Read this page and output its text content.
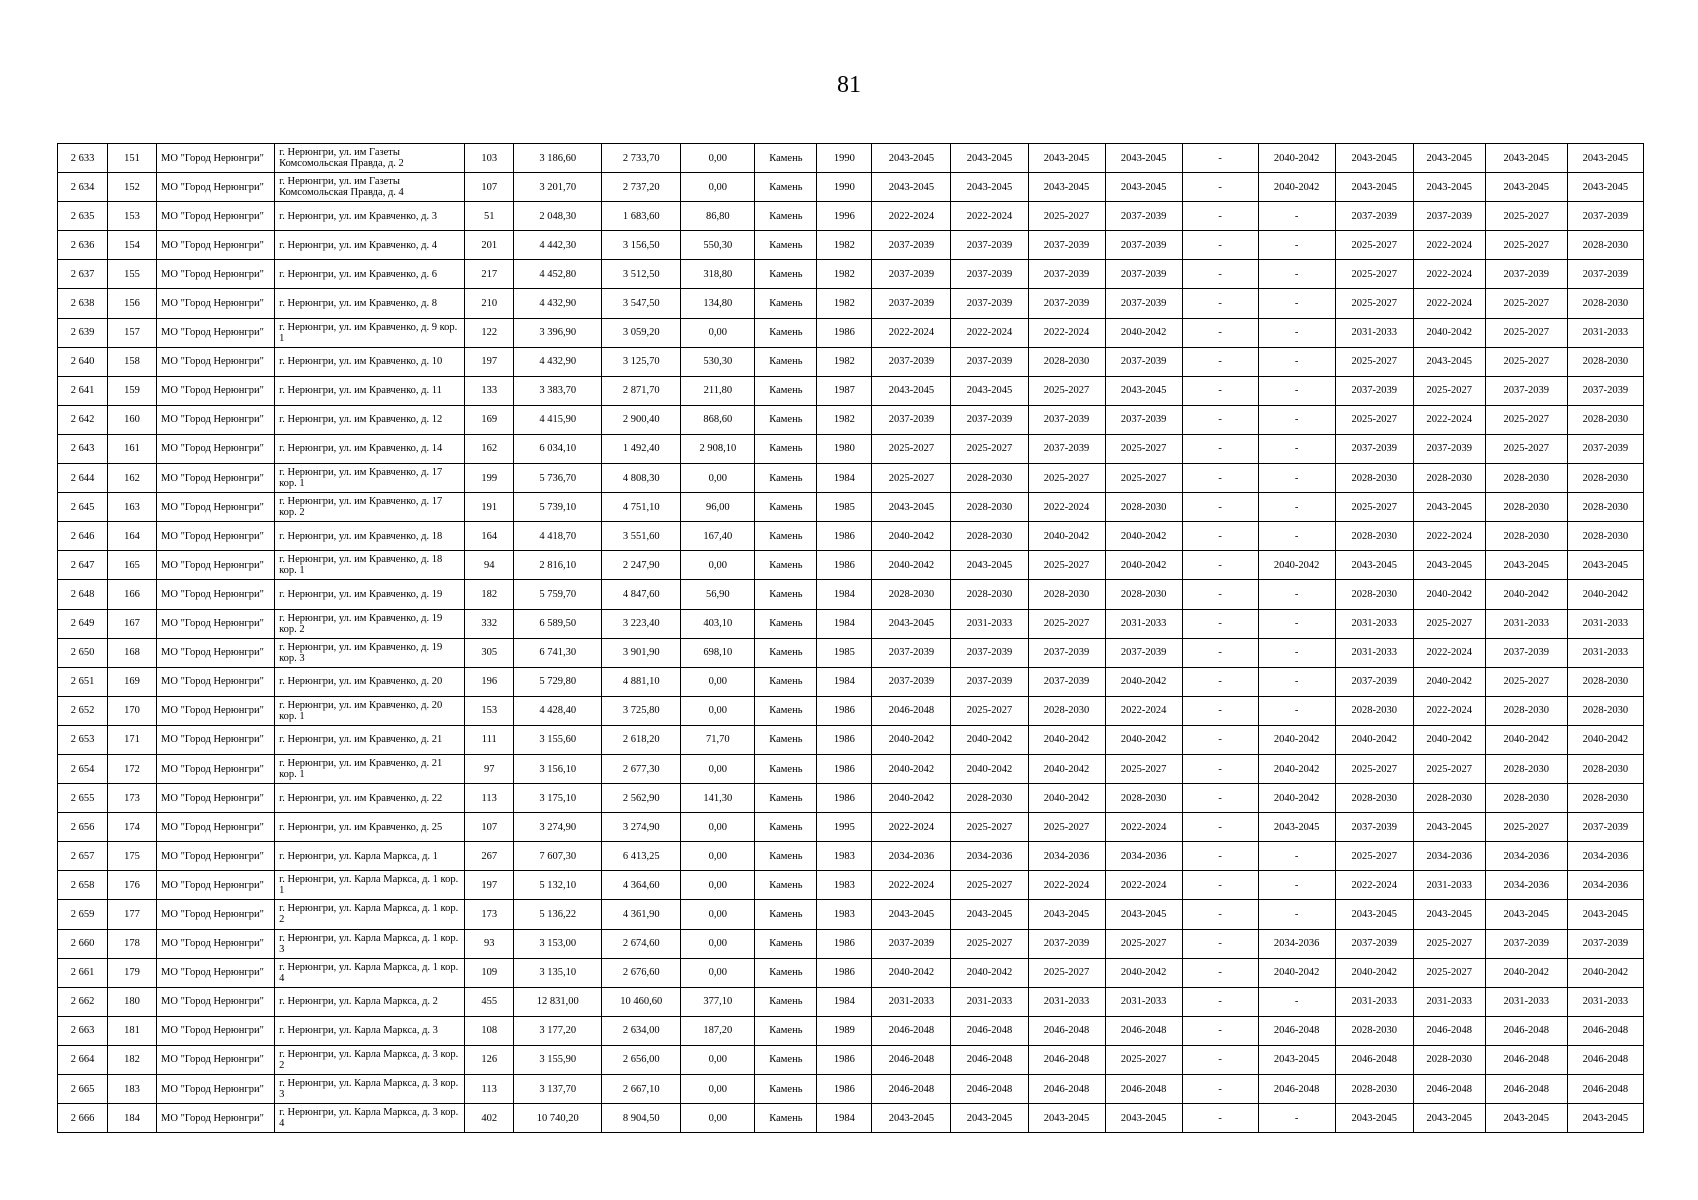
81
2 633	151	МО "Город Нерюнгри"	г. Нерюнгри, ул. им Газеты Комсомольская Правда, д. 2	103	3 186,60	2 733,70	0,00	Камень	1990	2043-2045	2043-2045	2043-2045	2043-2045	-	2040-2042	2043-2045	2043-2045	2043-2045	2043-2045
2 634	152	МО "Город Нерюнгри"	г. Нерюнгри, ул. им Газеты Комсомольская Правда, д. 4	107	3 201,70	2 737,20	0,00	Камень	1990	2043-2045	2043-2045	2043-2045	2043-2045	-	2040-2042	2043-2045	2043-2045	2043-2045	2043-2045
2 635	153	МО "Город Нерюнгри"	г. Нерюнгри, ул. им Кравченко, д. 3	51	2 048,30	1 683,60	86,80	Камень	1996	2022-2024	2022-2024	2025-2027	2037-2039	-	-	2037-2039	2037-2039	2025-2027	2037-2039
2 636	154	МО "Город Нерюнгри"	г. Нерюнгри, ул. им Кравченко, д. 4	201	4 442,30	3 156,50	550,30	Камень	1982	2037-2039	2037-2039	2037-2039	2037-2039	-	-	2025-2027	2022-2024	2025-2027	2028-2030
2 637	155	МО "Город Нерюнгри"	г. Нерюнгри, ул. им Кравченко, д. 6	217	4 452,80	3 512,50	318,80	Камень	1982	2037-2039	2037-2039	2037-2039	2037-2039	-	-	2025-2027	2022-2024	2037-2039	2037-2039
2 638	156	МО "Город Нерюнгри"	г. Нерюнгри, ул. им Кравченко, д. 8	210	4 432,90	3 547,50	134,80	Камень	1982	2037-2039	2037-2039	2037-2039	2037-2039	-	-	2025-2027	2022-2024	2025-2027	2028-2030
2 639	157	МО "Город Нерюнгри"	г. Нерюнгри, ул. им Кравченко, д. 9 кор. 1	122	3 396,90	3 059,20	0,00	Камень	1986	2022-2024	2022-2024	2022-2024	2040-2042	-	-	2031-2033	2040-2042	2025-2027	2031-2033
2 640	158	МО "Город Нерюнгри"	г. Нерюнгри, ул. им Кравченко, д. 10	197	4 432,90	3 125,70	530,30	Камень	1982	2037-2039	2037-2039	2028-2030	2037-2039	-	-	2025-2027	2043-2045	2025-2027	2028-2030
2 641	159	МО "Город Нерюнгри"	г. Нерюнгри, ул. им Кравченко, д. 11	133	3 383,70	2 871,70	211,80	Камень	1987	2043-2045	2043-2045	2025-2027	2043-2045	-	-	2037-2039	2025-2027	2037-2039	2037-2039
2 642	160	МО "Город Нерюнгри"	г. Нерюнгри, ул. им Кравченко, д. 12	169	4 415,90	2 900,40	868,60	Камень	1982	2037-2039	2037-2039	2037-2039	2037-2039	-	-	2025-2027	2022-2024	2025-2027	2028-2030
2 643	161	МО "Город Нерюнгри"	г. Нерюнгри, ул. им Кравченко, д. 14	162	6 034,10	1 492,40	2 908,10	Камень	1980	2025-2027	2025-2027	2037-2039	2025-2027	-	-	2037-2039	2037-2039	2025-2027	2037-2039
2 644	162	МО "Город Нерюнгри"	г. Нерюнгри, ул. им Кравченко, д. 17 кор. 1	199	5 736,70	4 808,30	0,00	Камень	1984	2025-2027	2028-2030	2025-2027	2025-2027	-	-	2028-2030	2028-2030	2028-2030	2028-2030
2 645	163	МО "Город Нерюнгри"	г. Нерюнгри, ул. им Кравченко, д. 17 кор. 2	191	5 739,10	4 751,10	96,00	Камень	1985	2043-2045	2028-2030	2022-2024	2028-2030	-	-	2025-2027	2043-2045	2028-2030	2028-2030
2 646	164	МО "Город Нерюнгри"	г. Нерюнгри, ул. им Кравченко, д. 18	164	4 418,70	3 551,60	167,40	Камень	1986	2040-2042	2028-2030	2040-2042	2040-2042	-	-	2028-2030	2022-2024	2028-2030	2028-2030
2 647	165	МО "Город Нерюнгри"	г. Нерюнгри, ул. им Кравченко, д. 18 кор. 1	94	2 816,10	2 247,90	0,00	Камень	1986	2040-2042	2043-2045	2025-2027	2040-2042	-	2040-2042	2043-2045	2043-2045	2043-2045	2043-2045
2 648	166	МО "Город Нерюнгри"	г. Нерюнгри, ул. им Кравченко, д. 19	182	5 759,70	4 847,60	56,90	Камень	1984	2028-2030	2028-2030	2028-2030	2028-2030	-	-	2028-2030	2040-2042	2040-2042	2040-2042
2 649	167	МО "Город Нерюнгри"	г. Нерюнгри, ул. им Кравченко, д. 19 кор. 2	332	6 589,50	3 223,40	403,10	Камень	1984	2043-2045	2031-2033	2025-2027	2031-2033	-	-	2031-2033	2025-2027	2031-2033	2031-2033
2 650	168	МО "Город Нерюнгри"	г. Нерюнгри, ул. им Кравченко, д. 19 кор. 3	305	6 741,30	3 901,90	698,10	Камень	1985	2037-2039	2037-2039	2037-2039	2037-2039	-	-	2031-2033	2022-2024	2037-2039	2031-2033
2 651	169	МО "Город Нерюнгри"	г. Нерюнгри, ул. им Кравченко, д. 20	196	5 729,80	4 881,10	0,00	Камень	1984	2037-2039	2037-2039	2037-2039	2040-2042	-	-	2037-2039	2040-2042	2025-2027	2028-2030
2 652	170	МО "Город Нерюнгри"	г. Нерюнгри, ул. им Кравченко, д. 20 кор. 1	153	4 428,40	3 725,80	0,00	Камень	1986	2046-2048	2025-2027	2028-2030	2022-2024	-	-	2028-2030	2022-2024	2028-2030	2028-2030
2 653	171	МО "Город Нерюнгри"	г. Нерюнгри, ул. им Кравченко, д. 21	111	3 155,60	2 618,20	71,70	Камень	1986	2040-2042	2040-2042	2040-2042	2040-2042	-	2040-2042	2040-2042	2040-2042	2040-2042	2040-2042
2 654	172	МО "Город Нерюнгри"	г. Нерюнгри, ул. им Кравченко, д. 21 кор. 1	97	3 156,10	2 677,30	0,00	Камень	1986	2040-2042	2040-2042	2040-2042	2025-2027	-	2040-2042	2025-2027	2025-2027	2028-2030	2028-2030
2 655	173	МО "Город Нерюнгри"	г. Нерюнгри, ул. им Кравченко, д. 22	113	3 175,10	2 562,90	141,30	Камень	1986	2040-2042	2028-2030	2040-2042	2028-2030	-	2040-2042	2028-2030	2028-2030	2028-2030	2028-2030
2 656	174	МО "Город Нерюнгри"	г. Нерюнгри, ул. им Кравченко, д. 25	107	3 274,90	3 274,90	0,00	Камень	1995	2022-2024	2025-2027	2025-2027	2022-2024	-	2043-2045	2037-2039	2043-2045	2025-2027	2037-2039
2 657	175	МО "Город Нерюнгри"	г. Нерюнгри, ул. Карла Маркса, д. 1	267	7 607,30	6 413,25	0,00	Камень	1983	2034-2036	2034-2036	2034-2036	2034-2036	-	-	2025-2027	2034-2036	2034-2036	2034-2036
2 658	176	МО "Город Нерюнгри"	г. Нерюнгри, ул. Карла Маркса, д. 1 кор. 1	197	5 132,10	4 364,60	0,00	Камень	1983	2022-2024	2025-2027	2022-2024	2022-2024	-	-	2022-2024	2031-2033	2034-2036	2034-2036
2 659	177	МО "Город Нерюнгри"	г. Нерюнгри, ул. Карла Маркса, д. 1 кор. 2	173	5 136,22	4 361,90	0,00	Камень	1983	2043-2045	2043-2045	2043-2045	2043-2045	-	-	2043-2045	2043-2045	2043-2045	2043-2045
2 660	178	МО "Город Нерюнгри"	г. Нерюнгри, ул. Карла Маркса, д. 1 кор. 3	93	3 153,00	2 674,60	0,00	Камень	1986	2037-2039	2025-2027	2037-2039	2025-2027	-	2034-2036	2037-2039	2025-2027	2037-2039	2037-2039
2 661	179	МО "Город Нерюнгри"	г. Нерюнгри, ул. Карла Маркса, д. 1 кор. 4	109	3 135,10	2 676,60	0,00	Камень	1986	2040-2042	2040-2042	2025-2027	2040-2042	-	2040-2042	2040-2042	2025-2027	2040-2042	2040-2042
2 662	180	МО "Город Нерюнгри"	г. Нерюнгри, ул. Карла Маркса, д. 2	455	12 831,00	10 460,60	377,10	Камень	1984	2031-2033	2031-2033	2031-2033	2031-2033	-	-	2031-2033	2031-2033	2031-2033	2031-2033
2 663	181	МО "Город Нерюнгри"	г. Нерюнгри, ул. Карла Маркса, д. 3	108	3 177,20	2 634,00	187,20	Камень	1989	2046-2048	2046-2048	2046-2048	2046-2048	-	2046-2048	2028-2030	2046-2048	2046-2048	2046-2048
2 664	182	МО "Город Нерюнгри"	г. Нерюнгри, ул. Карла Маркса, д. 3 кор. 2	126	3 155,90	2 656,00	0,00	Камень	1986	2046-2048	2046-2048	2046-2048	2025-2027	-	2043-2045	2046-2048	2028-2030	2046-2048	2046-2048
2 665	183	МО "Город Нерюнгри"	г. Нерюнгри, ул. Карла Маркса, д. 3 кор. 3	113	3 137,70	2 667,10	0,00	Камень	1986	2046-2048	2046-2048	2046-2048	2046-2048	-	2046-2048	2028-2030	2046-2048	2046-2048	2046-2048
2 666	184	МО "Город Нерюнгри"	г. Нерюнгри, ул. Карла Маркса, д. 3 кор. 4	402	10 740,20	8 904,50	0,00	Камень	1984	2043-2045	2043-2045	2043-2045	2043-2045	-	-	2043-2045	2043-2045	2043-2045	2043-2045
